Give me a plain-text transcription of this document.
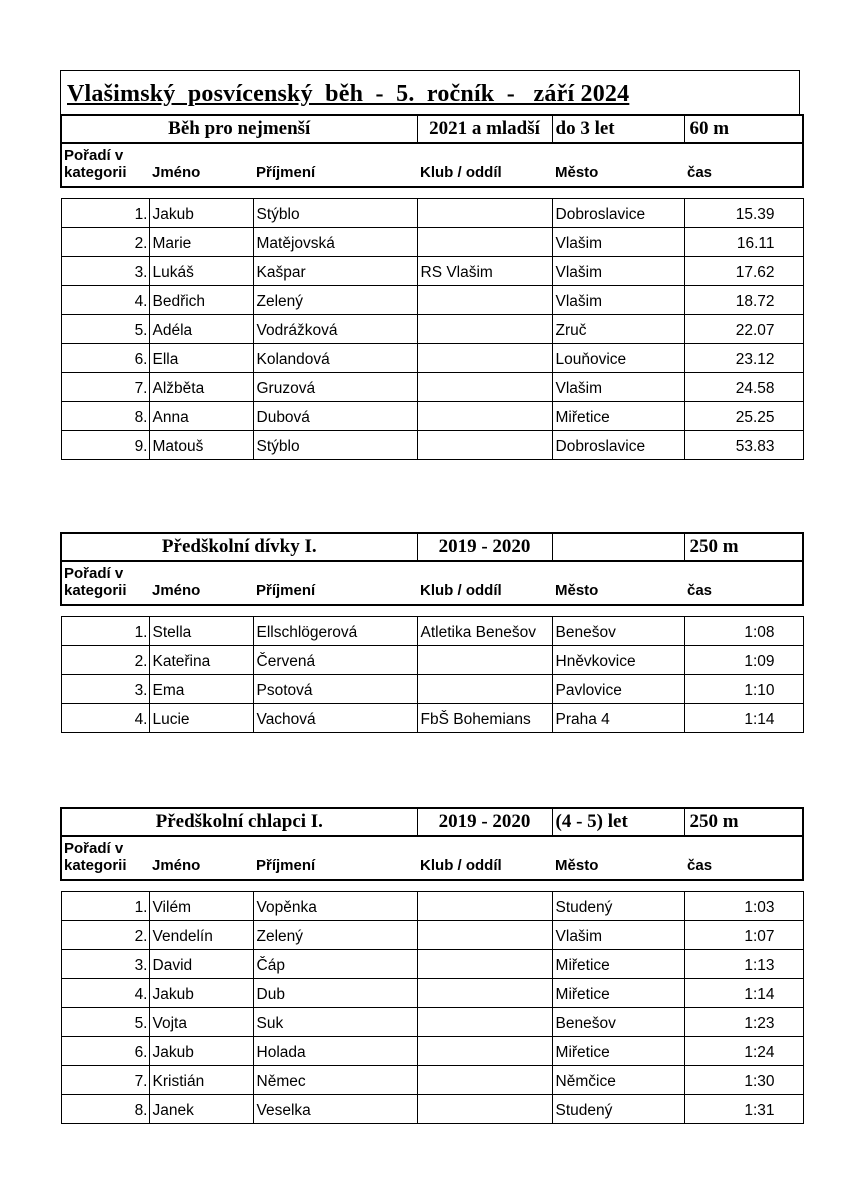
Vlašimský  posvícenský  běh  -  5.  ročník  -   září 2024
Běh pro nejmenší			2021 a mladší	do 3 let	60 m

Pořadí v
kategorii	Jméno	Příjmení	Klub / oddíl	Město	čas

1.	Jakub	Stýblo		Dobroslavice	15.39
2.	Marie	Matějovská		Vlašim	16.11
3.	Lukáš	Kašpar	RS Vlašim	Vlašim	17.62
4.	Bedřich	Zelený		Vlašim	18.72
5.	Adéla	Vodrážková		Zruč	22.07
6.	Ella	Kolandová		Louňovice	23.12
7.	Alžběta	Gruzová		Vlašim	24.58
8.	Anna	Dubová		Miřetice	25.25
9.	Matouš	Stýblo		Dobroslavice	53.83
Předškolní dívky I.			2019 - 2020		250 m

Pořadí v
kategorii	Jméno	Příjmení	Klub / oddíl	Město	čas

1.	Stella	Ellschlögerová	Atletika Benešov	Benešov	1:08
2.	Kateřina	Červená		Hněvkovice	1:09
3.	Ema	Psotová		Pavlovice	1:10
4.	Lucie	Vachová	FbŠ Bohemians	Praha 4	1:14
Předškolní chlapci I.			2019 - 2020	(4 - 5) let	250 m

Pořadí v
kategorii	Jméno	Příjmení	Klub / oddíl	Město	čas

1.	Vilém	Vopěnka		Studený	1:03
2.	Vendelín	Zelený		Vlašim	1:07
3.	David	Čáp		Miřetice	1:13
4.	Jakub	Dub		Miřetice	1:14
5.	Vojta	Suk		Benešov	1:23
6.	Jakub	Holada		Miřetice	1:24
7.	Kristián	Němec		Němčice	1:30
8.	Janek	Veselka		Studený	1:31
